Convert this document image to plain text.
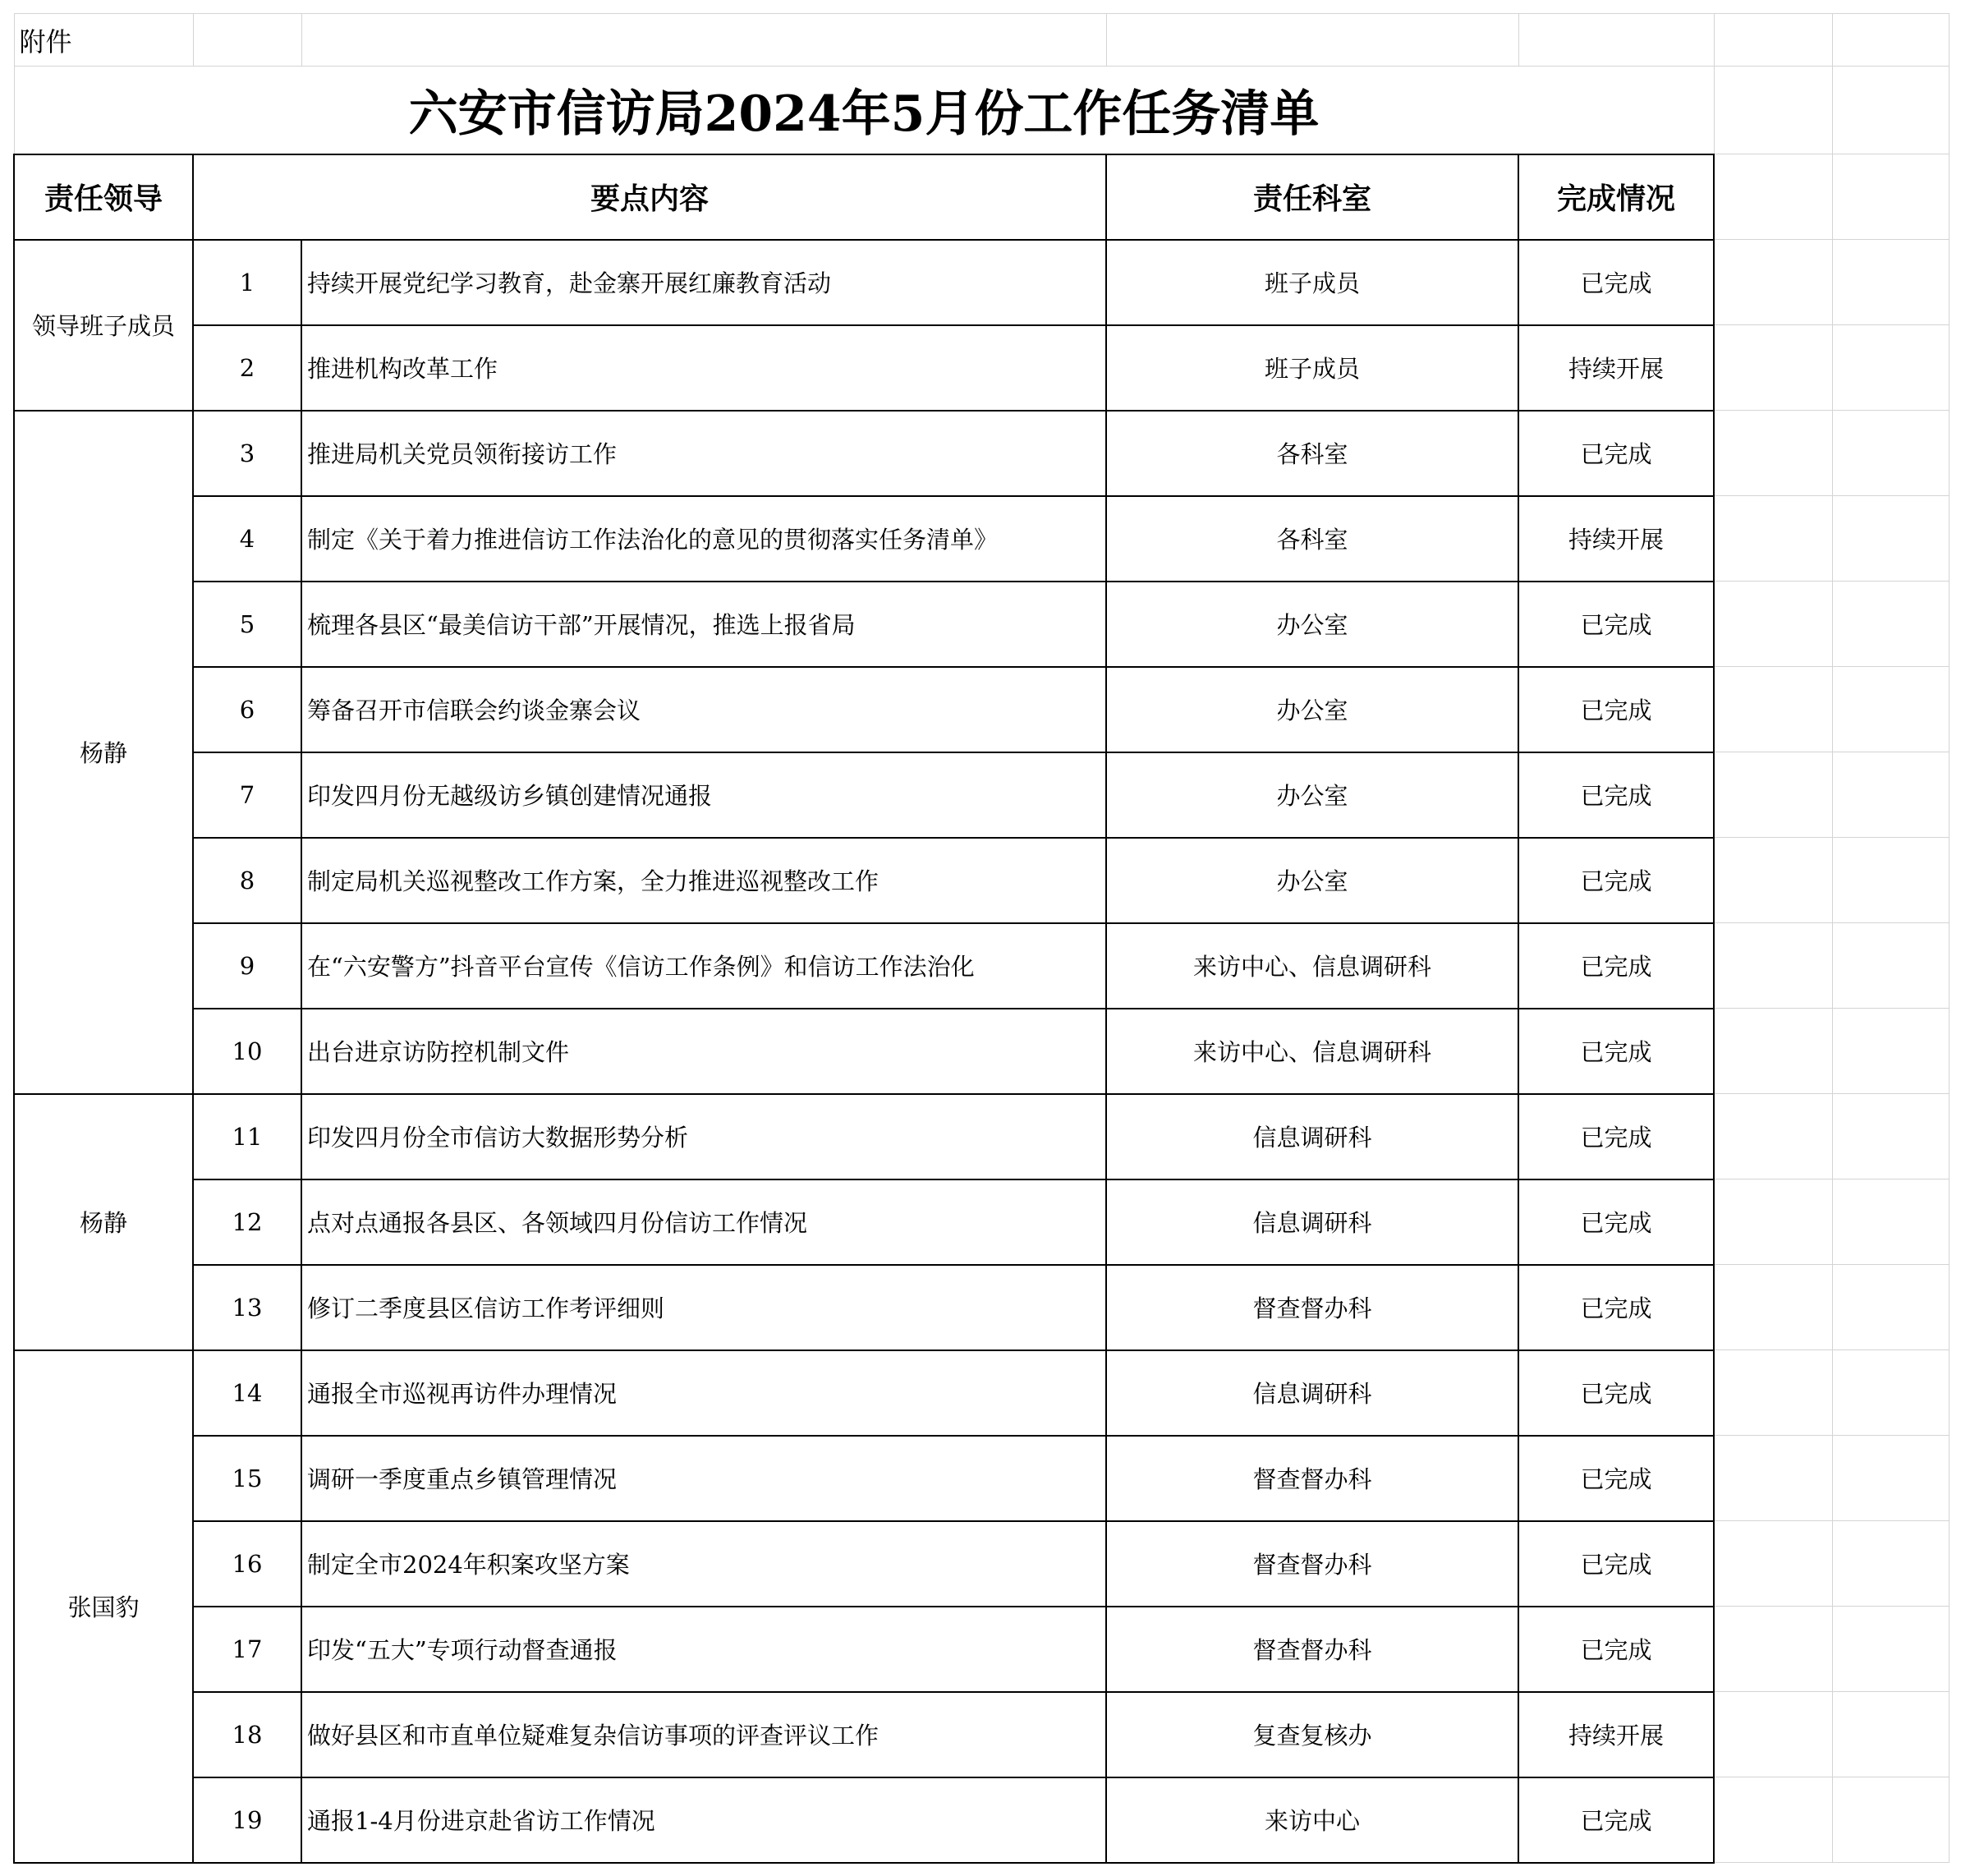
附件						
六安市信访局2024年5月份工作任务清单						
责任领导	要点内容		责任科室	完成情况		
领导班子成员	1	持续开展党纪学习教育，赴金寨开展红廉教育活动	班子成员	已完成		
	2	推进机构改革工作	班子成员	持续开展		
杨静	3	推进局机关党员领衔接访工作	各科室	已完成		
	4	制定《关于着力推进信访工作法治化的意见的贯彻落实任务清单》	各科室	持续开展		
	5	梳理各县区“最美信访干部”开展情况，推选上报省局	办公室	已完成		
	6	筹备召开市信联会约谈金寨会议	办公室	已完成		
	7	印发四月份无越级访乡镇创建情况通报	办公室	已完成		
	8	制定局机关巡视整改工作方案，全力推进巡视整改工作	办公室	已完成		
	9	在“六安警方”抖音平台宣传《信访工作条例》和信访工作法治化	来访中心、信息调研科	已完成		
	10	出台进京访防控机制文件	来访中心、信息调研科	已完成		
杨静	11	印发四月份全市信访大数据形势分析	信息调研科	已完成		
	12	点对点通报各县区、各领域四月份信访工作情况	信息调研科	已完成		
	13	修订二季度县区信访工作考评细则	督查督办科	已完成		
张国豹	14	通报全市巡视再访件办理情况	信息调研科	已完成		
	15	调研一季度重点乡镇管理情况	督查督办科	已完成		
	16	制定全市2024年积案攻坚方案	督查督办科	已完成		
	17	印发“五大”专项行动督查通报	督查督办科	已完成		
	18	做好县区和市直单位疑难复杂信访事项的评查评议工作	复查复核办	持续开展		
	19	通报1-4月份进京赴省访工作情况	来访中心	已完成		
